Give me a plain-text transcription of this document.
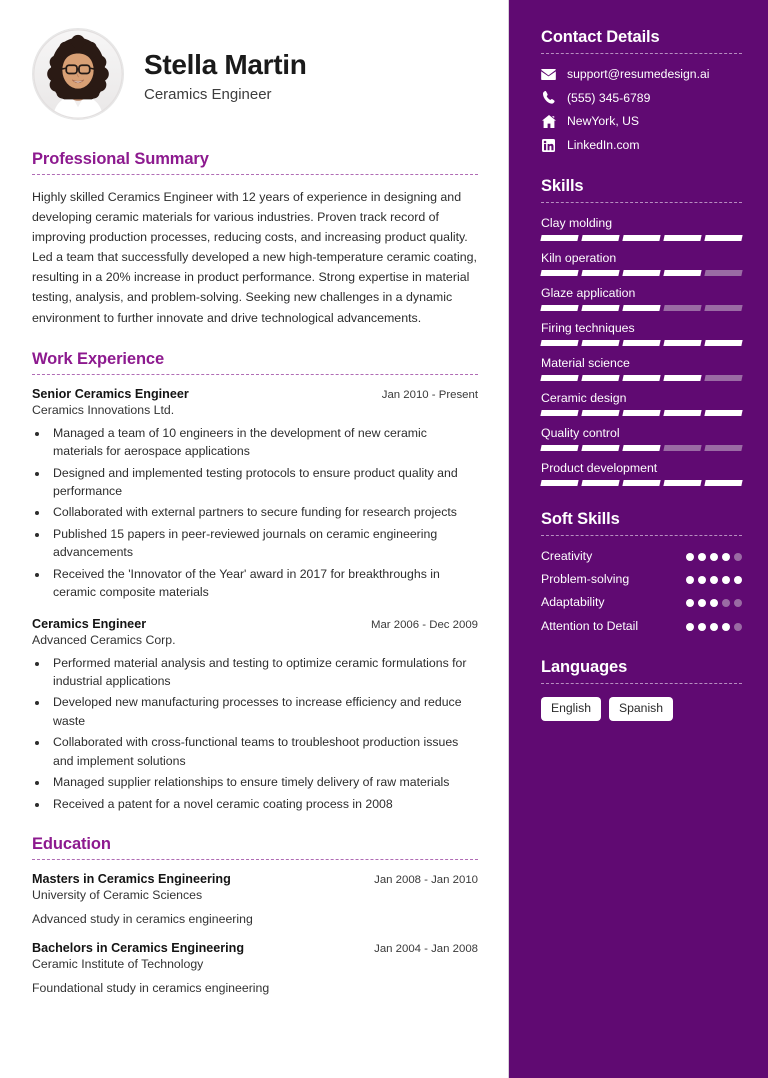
Stella Martin
Ceramics Engineer
Professional Summary
Highly skilled Ceramics Engineer with 12 years of experience in designing and developing ceramic materials for various industries. Proven track record of improving production processes, reducing costs, and increasing product quality. Led a team that successfully developed a new high-temperature ceramic coating, resulting in a 20% increase in product performance. Strong expertise in material testing, analysis, and problem-solving. Seeking new challenges in a dynamic environment to further innovate and drive technological advancements.
Work Experience
Senior Ceramics Engineer	Jan 2010 - Present
Ceramics Innovations Ltd.
• Managed a team of 10 engineers in the development of new ceramic materials for aerospace applications
• Designed and implemented testing protocols to ensure product quality and performance
• Collaborated with external partners to secure funding for research projects
• Published 15 papers in peer-reviewed journals on ceramic engineering advancements
• Received the 'Innovator of the Year' award in 2017 for breakthroughs in ceramic composite materials
Ceramics Engineer	Mar 2006 - Dec 2009
Advanced Ceramics Corp.
• Performed material analysis and testing to optimize ceramic formulations for industrial applications
• Developed new manufacturing processes to increase efficiency and reduce waste
• Collaborated with cross-functional teams to troubleshoot production issues and implement solutions
• Managed supplier relationships to ensure timely delivery of raw materials
• Received a patent for a novel ceramic coating process in 2008
Education
Masters in Ceramics Engineering	Jan 2008 - Jan 2010
University of Ceramic Sciences
Advanced study in ceramics engineering
Bachelors in Ceramics Engineering	Jan 2004 - Jan 2008
Ceramic Institute of Technology
Foundational study in ceramics engineering
Contact Details
support@resumedesign.ai
(555) 345-6789
NewYork, US
LinkedIn.com
Skills
Clay molding
Kiln operation
Glaze application
Firing techniques
Material science
Ceramic design
Quality control
Product development
Soft Skills
Creativity
Problem-solving
Adaptability
Attention to Detail
Languages
English	Spanish
